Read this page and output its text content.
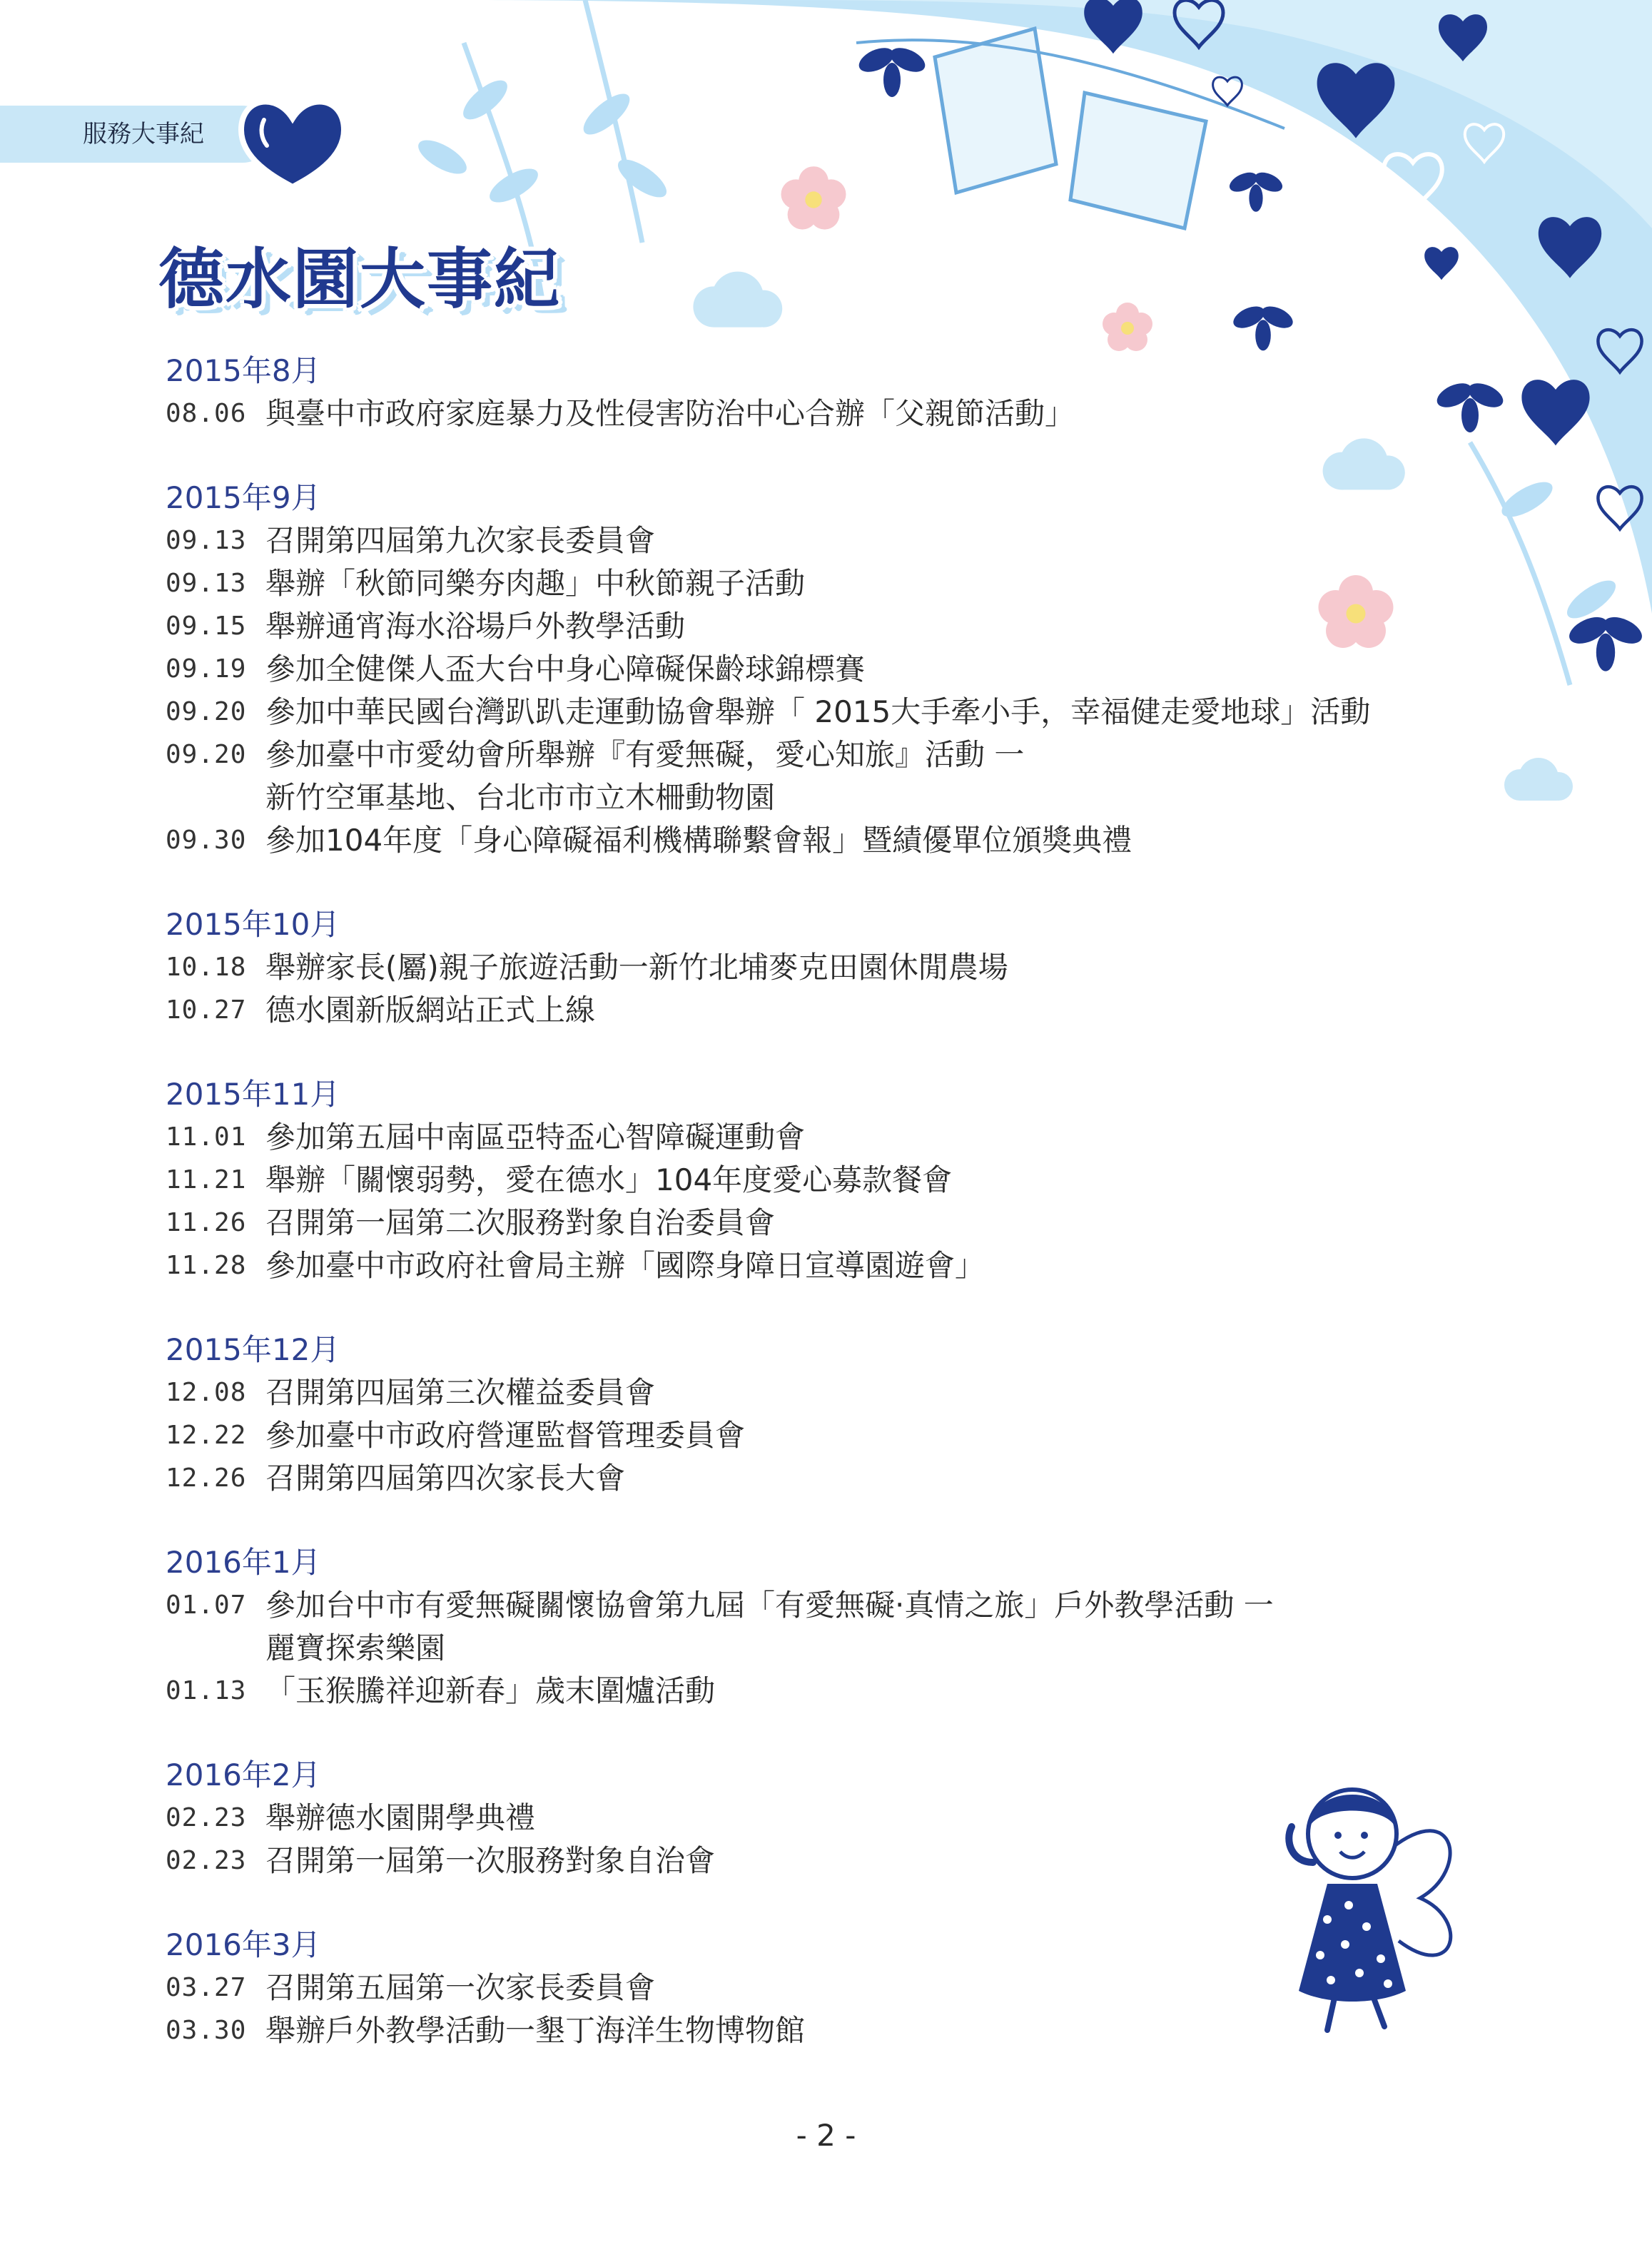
服務大事紀
德水園大事紀
2015年8月
08.06 與臺中市政府家庭暴力及性侵害防治中心合辦「父親節活動」
2015年9月
09.13 召開第四屆第九次家長委員會
09.13 舉辦「秋節同樂夯肉趣」中秋節親子活動
09.15 舉辦通宵海水浴場戶外教學活動
09.19 參加全健傑人盃大台中身心障礙保齡球錦標賽
09.20 參加中華民國台灣趴趴走運動協會舉辦「 2015大手牽小手，幸福健走愛地球」活動
09.20 參加臺中市愛幼會所舉辦『有愛無礙，愛心知旅』活動 一
新竹空軍基地、台北市市立木柵動物園
09.30 參加104年度「身心障礙福利機構聯繫會報」暨績優單位頒獎典禮
2015年10月
10.18 舉辦家長(屬)親子旅遊活動一新竹北埔麥克田園休閒農場
10.27 德水園新版網站正式上線
2015年11月
11.01 參加第五屆中南區亞特盃心智障礙運動會
11.21 舉辦「關懷弱勢，愛在德水」104年度愛心募款餐會
11.26 召開第一屆第二次服務對象自治委員會
11.28 參加臺中市政府社會局主辦「國際身障日宣導園遊會」
2015年12月
12.08 召開第四屆第三次權益委員會
12.22 參加臺中市政府營運監督管理委員會
12.26 召開第四屆第四次家長大會
2016年1月
01.07 參加台中市有愛無礙關懷協會第九屆「有愛無礙‧真情之旅」戶外教學活動 一
麗寶探索樂園
01.13 「玉猴騰祥迎新春」歲末圍爐活動
2016年2月
02.23 舉辦德水園開學典禮
02.23 召開第一屆第一次服務對象自治會
2016年3月
03.27 召開第五屆第一次家長委員會
03.30 舉辦戶外教學活動一墾丁海洋生物博物館
- 2 -
